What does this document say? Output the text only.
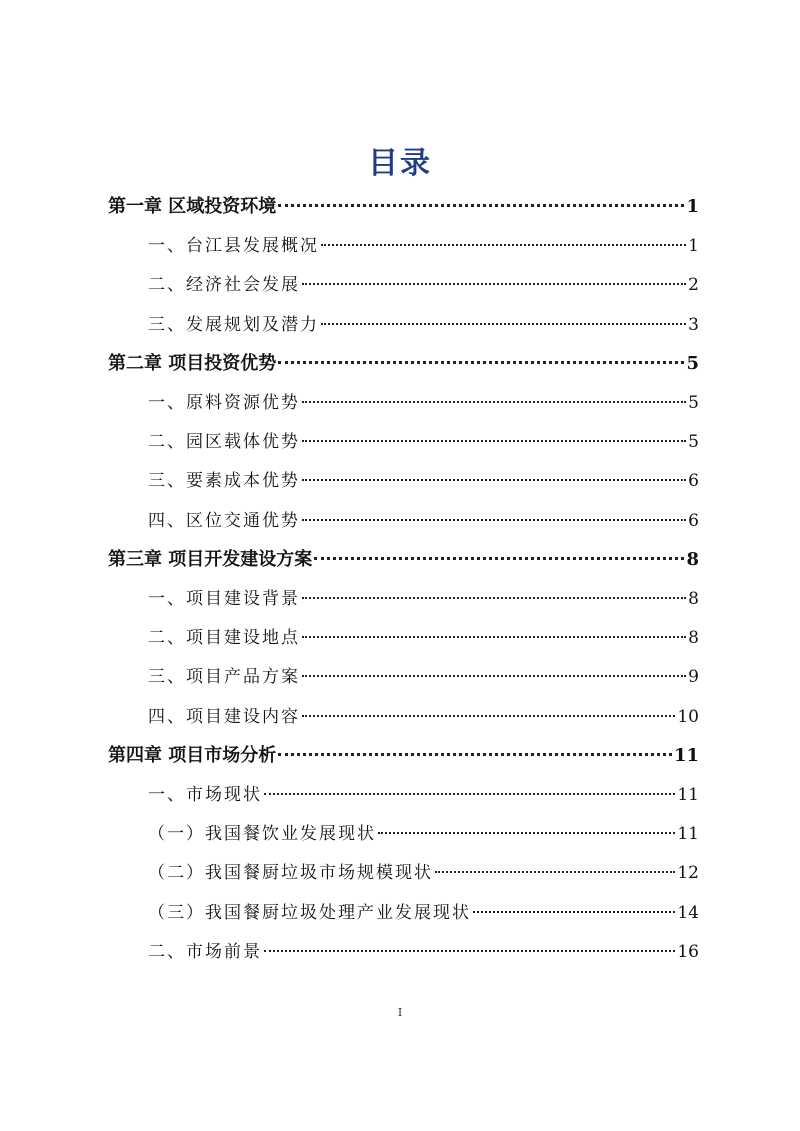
目录
第一章 区域投资环境	1
一、台江县发展概况	1
二、经济社会发展	2
三、发展规划及潜力	3
第二章 项目投资优势	5
一、原料资源优势	5
二、园区载体优势	5
三、要素成本优势	6
四、区位交通优势	6
第三章 项目开发建设方案	8
一、项目建设背景	8
二、项目建设地点	8
三、项目产品方案	9
四、项目建设内容	10
第四章 项目市场分析	11
一、市场现状	11
（一）我国餐饮业发展现状	11
（二）我国餐厨垃圾市场规模现状	12
（三）我国餐厨垃圾处理产业发展现状	14
二、市场前景	16
I
